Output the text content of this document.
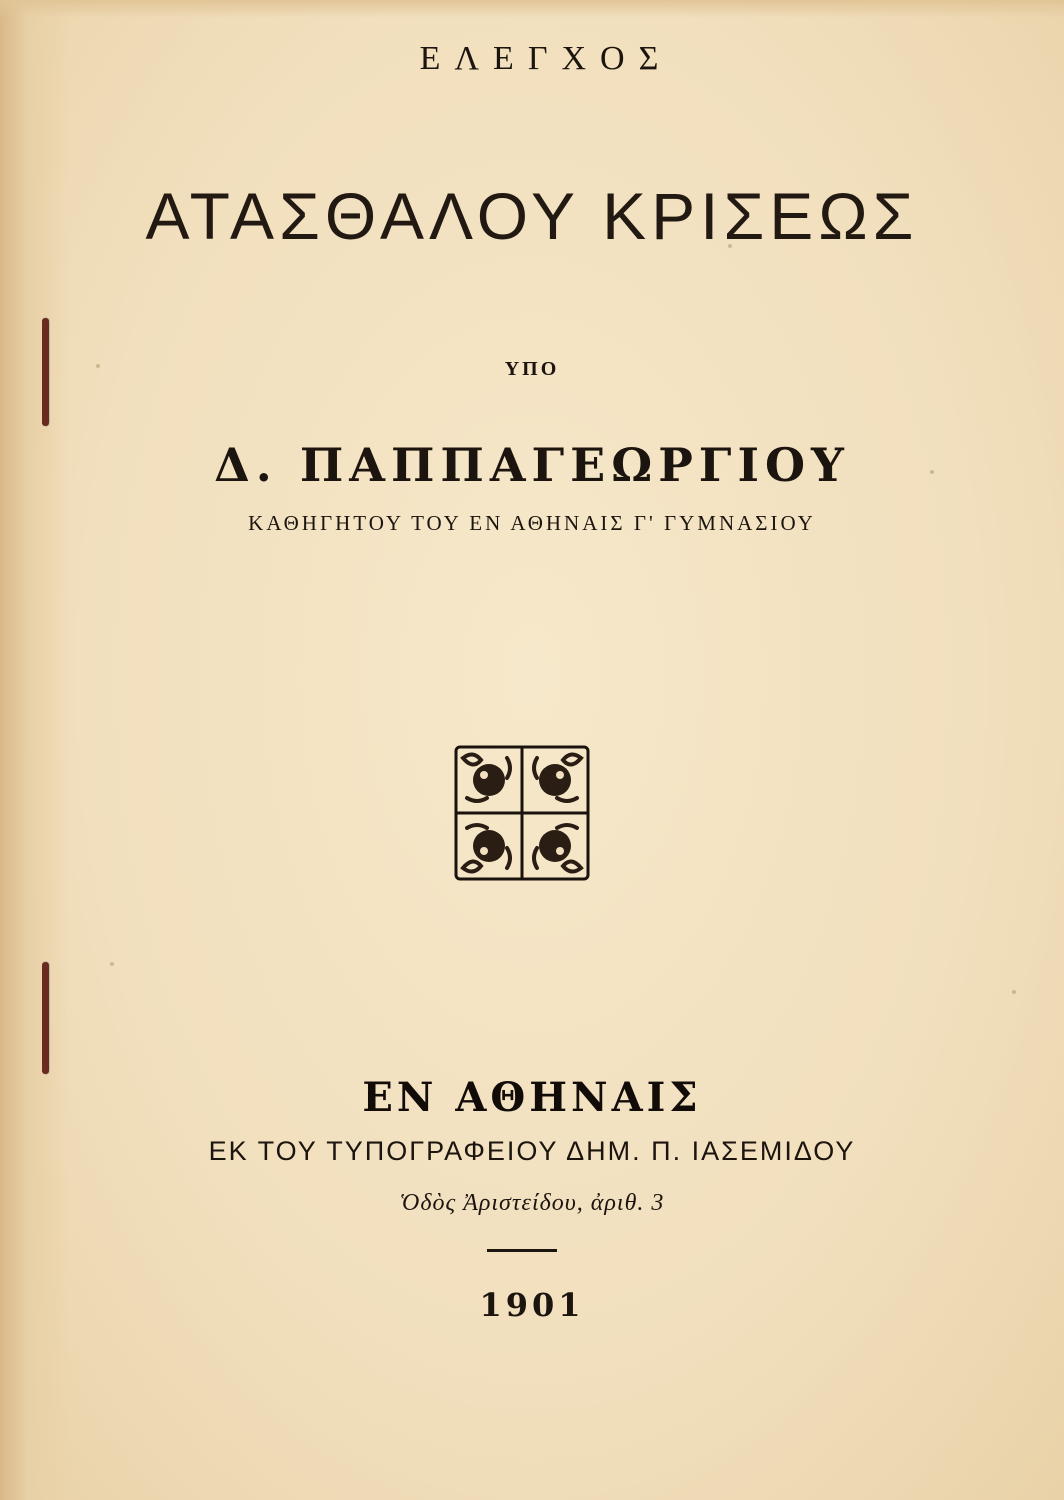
ΕΛΕΓΧΟΣ
ΑΤΑΣΘΑΛΟΥ ΚΡΙΣΕΩΣ
ΥΠΟ
Δ. ΠΑΠΠΑΓΕΩΡΓΙΟΥ
ΚΑΘΗΓΗΤΟΥ ΤΟΥ ΕΝ ΑΘΗΝΑΙΣ Γ' ΓΥΜΝΑΣΙΟΥ
ΕΝ ΑΘΗΝΑΙΣ
ΕΚ ΤΟΥ ΤΥΠΟΓΡΑΦΕΙΟΥ ΔΗΜ. Π. ΙΑΣΕΜΙΔΟΥ
Ὁδὸς Ἀριστείδου, ἀριθ. 3
1901
